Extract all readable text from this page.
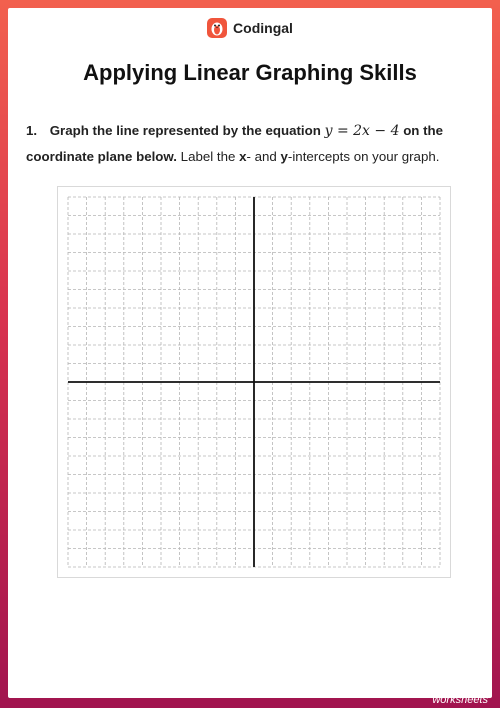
Codingal
Applying Linear Graphing Skills
1. Graph the line represented by the equation y = 2x − 4 on the coordinate plane below. Label the x- and y-intercepts on your graph.
TOP
worksheets
